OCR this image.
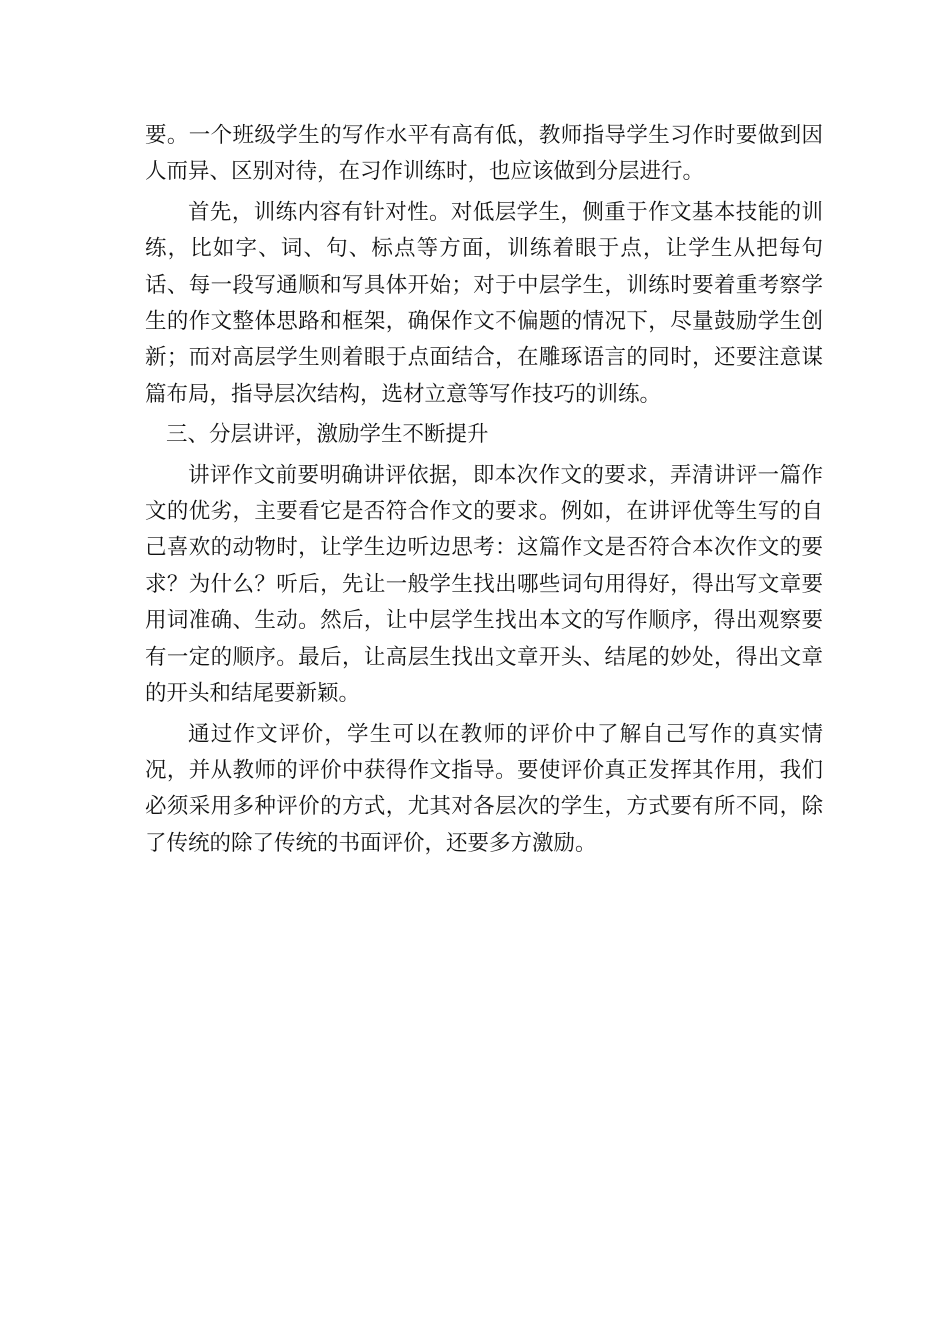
要。一个班级学生的写作水平有高有低，教师指导学生习作时要做到因人而异、区别对待，在习作训练时，也应该做到分层进行。

首先，训练内容有针对性。对低层学生，侧重于作文基本技能的训练，比如字、词、句、标点等方面，训练着眼于点，让学生从把每句话、每一段写通顺和写具体开始；对于中层学生，训练时要着重考察学生的作文整体思路和框架，确保作文不偏题的情况下，尽量鼓励学生创新；而对高层学生则着眼于点面结合，在雕琢语言的同时，还要注意谋篇布局，指导层次结构，选材立意等写作技巧的训练。

三、分层讲评，激励学生不断提升

讲评作文前要明确讲评依据，即本次作文的要求，弄清讲评一篇作文的优劣，主要看它是否符合作文的要求。例如，在讲评优等生写的自己喜欢的动物时，让学生边听边思考：这篇作文是否符合本次作文的要求？为什么？听后，先让一般学生找出哪些词句用得好，得出写文章要用词准确、生动。然后，让中层学生找出本文的写作顺序，得出观察要有一定的顺序。最后，让高层生找出文章开头、结尾的妙处，得出文章的开头和结尾要新颖。

通过作文评价，学生可以在教师的评价中了解自己写作的真实情况，并从教师的评价中获得作文指导。要使评价真正发挥其作用，我们必须采用多种评价的方式，尤其对各层次的学生，方式要有所不同，除了传统的除了传统的书面评价，还要多方激励。
